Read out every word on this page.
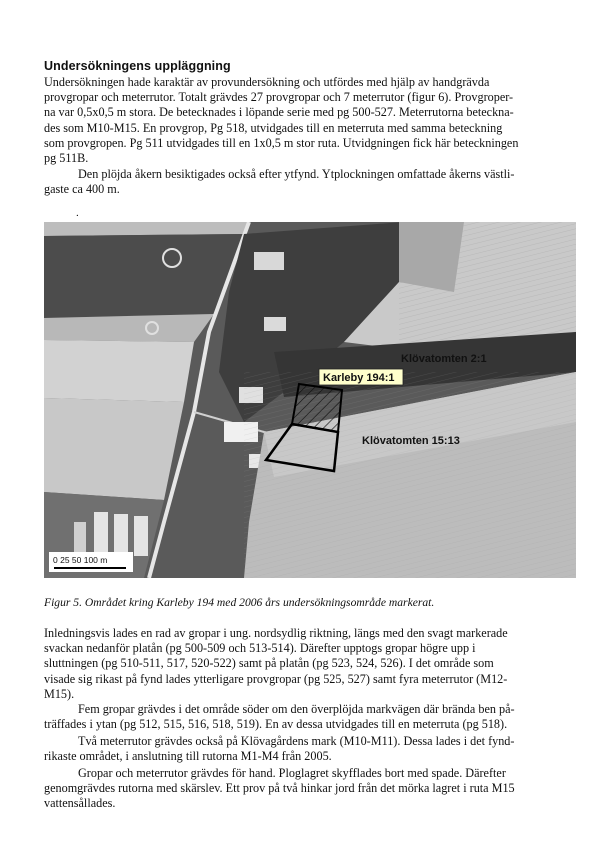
Undersökningens uppläggning
Undersökningen hade karaktär av provundersökning och utfördes med hjälp av handgrävda
provgropar och meterrutor. Totalt grävdes 27 provgropar och 7 meterrutor (figur 6). Provgroper-
na var 0,5x0,5 m stora. De betecknades i löpande serie med pg 500-527. Meterrutorna beteckna-
des som M10-M15. En provgrop, Pg 518, utvidgades till en meterruta med samma beteckning
som provgropen. Pg 511 utvidgades till en 1x0,5 m stor ruta. Utvidgningen fick här beteckningen
pg 511B.
Den plöjda åkern besiktigades också efter ytfynd. Ytplockningen omfattade åkerns västli-
gaste ca 400 m.
.
Karleby 194:1
Klövatomten 2:1
Klövatomten 15:13
0 25 50 100 m
Figur 5. Området kring Karleby 194 med 2006 års undersökningsområde markerat.
Inledningsvis lades en rad av gropar i ung. nordsydlig riktning, längs med den svagt markerade
svackan nedanför platån (pg 500-509 och 513-514). Därefter upptogs gropar högre upp i
sluttningen (pg 510-511, 517, 520-522) samt på platån (pg 523, 524, 526). I det område som
visade sig rikast på fynd lades ytterligare provgropar (pg 525, 527) samt fyra meterrutor (M12-
M15).
Fem gropar grävdes i det område söder om den överplöjda markvägen där brända ben på-
träffades i ytan (pg 512, 515, 516, 518, 519). En av dessa utvidgades till en meterruta (pg 518).
Två meterrutor grävdes också på Klövagårdens mark (M10-M11). Dessa lades i det fynd-
rikaste området, i anslutning till rutorna M1-M4 från 2005.
Gropar och meterrutor grävdes för hand. Ploglagret skyfflades bort med spade. Därefter
genomgrävdes rutorna med skärslev. Ett prov på två hinkar jord från det mörka lagret i ruta M15
vattensållades.
